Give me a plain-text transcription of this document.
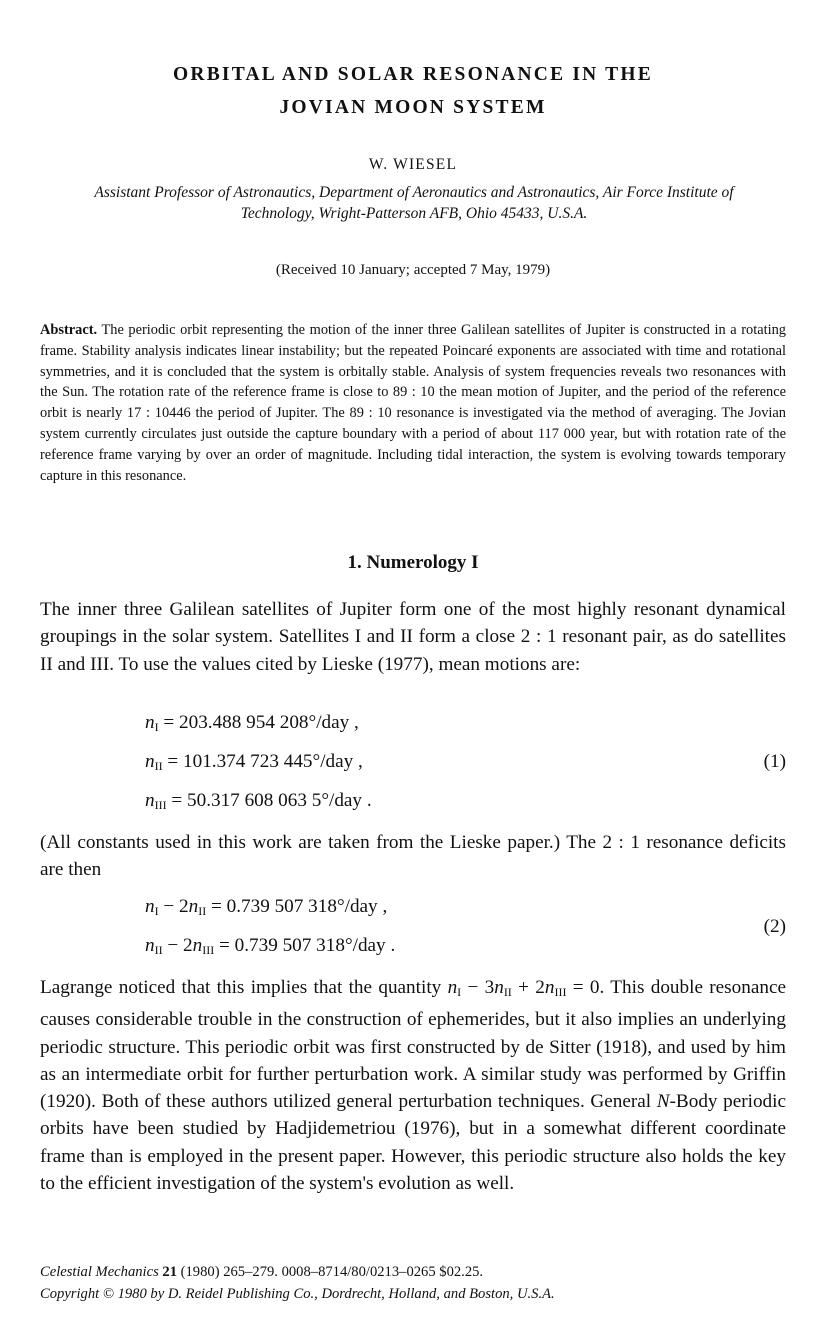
ORBITAL AND SOLAR RESONANCE IN THE
JOVIAN MOON SYSTEM
W. WIESEL
Assistant Professor of Astronautics, Department of Aeronautics and Astronautics, Air Force Institute of
Technology, Wright-Patterson AFB, Ohio 45433, U.S.A.
(Received 10 January; accepted 7 May, 1979)
Abstract. The periodic orbit representing the motion of the inner three Galilean satellites of Jupiter is constructed in a rotating frame. Stability analysis indicates linear instability; but the repeated Poincaré exponents are associated with time and rotational symmetries, and it is concluded that the system is orbitally stable. Analysis of system frequencies reveals two resonances with the Sun. The rotation rate of the reference frame is close to 89 : 10 the mean motion of Jupiter, and the period of the reference orbit is nearly 17 : 10446 the period of Jupiter. The 89 : 10 resonance is investigated via the method of averaging. The Jovian system currently circulates just outside the capture boundary with a period of about 117 000 year, but with rotation rate of the reference frame varying by over an order of magnitude. Including tidal interaction, the system is evolving towards temporary capture in this resonance.
1. Numerology I
The inner three Galilean satellites of Jupiter form one of the most highly resonant dynamical groupings in the solar system. Satellites I and II form a close 2 : 1 resonant pair, as do satellites II and III. To use the values cited by Lieske (1977), mean motions are:
$n_I = 203.488$ 954 208°/day ,
$n_{II} = 101.374$ 723 445°/day ,
$n_{III} = 50.317$ 608 063 5°/day .
(1)
(All constants used in this work are taken from the Lieske paper.) The 2 : 1 resonance deficits are then
$n_I - 2n_{II} = 0.739$ 507 318°/day ,
$n_{II} - 2n_{III} = 0.739$ 507 318°/day .
(2)
Lagrange noticed that this implies that the quantity $n_I - 3n_{II} + 2n_{III} = 0$. This double resonance causes considerable trouble in the construction of ephemerides, but it also implies an underlying periodic structure. This periodic orbit was first constructed by de Sitter (1918), and used by him as an intermediate orbit for further perturbation work. A similar study was performed by Griffin (1920). Both of these authors utilized general perturbation techniques. General N-Body periodic orbits have been studied by Hadjidemetriou (1976), but in a somewhat different coordinate frame than is employed in the present paper. However, this periodic structure also holds the key to the efficient investigation of the system's evolution as well.
Celestial Mechanics 21 (1980) 265–279. 0008–8714/80/0213–0265 $02.25.
Copyright © 1980 by D. Reidel Publishing Co., Dordrecht, Holland, and Boston, U.S.A.
